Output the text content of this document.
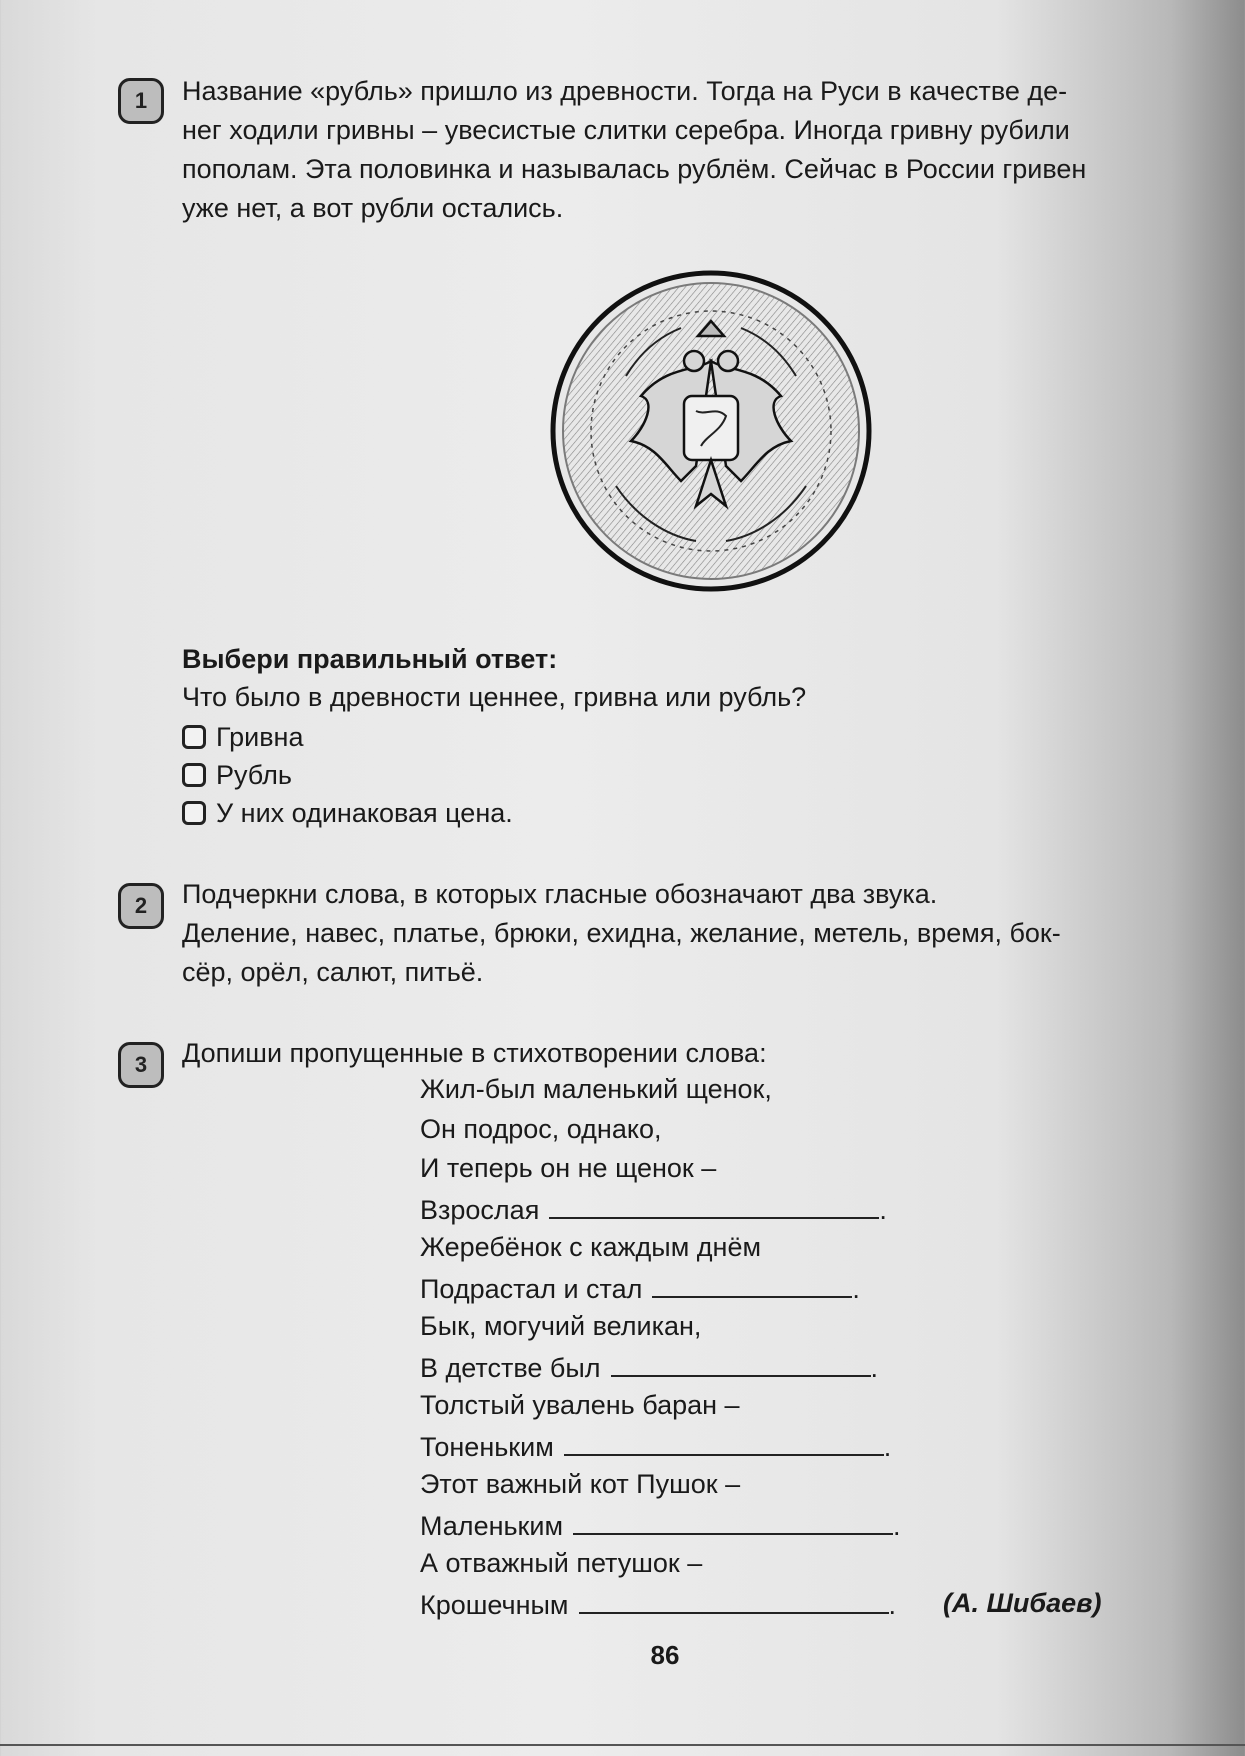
1	Название «рубль» пришло из древности. Тогда на Руси в качестве де-
нег ходили гривны – увесистые слитки серебра. Иногда гривну рубили
пополам. Эта половинка и называлась рублём. Сейчас в России гривен
уже нет, а вот рубли остались.
Выбери правильный ответ:
Что было в древности ценнее, гривна или рубль?
Гривна
Рубль
У них одинаковая цена.
2	Подчеркни слова, в которых гласные обозначают два звука.
Деление, навес, платье, брюки, ехидна, желание, метель, время, бок-
сёр, орёл, салют, питьё.
3	Допиши пропущенные в стихотворении слова:
Жил-был маленький щенок,
Он подрос, однако,
И теперь он не щенок –
Взрослая	.
Жеребёнок с каждым днём
Подрастал и стал	.
Бык, могучий великан,
В детстве был	.
Толстый увалень баран –
Тоненьким	.
Этот важный кот Пушок –
Маленьким	.
А отважный петушок –
Крошечным	. (А. Шибаев)
86
